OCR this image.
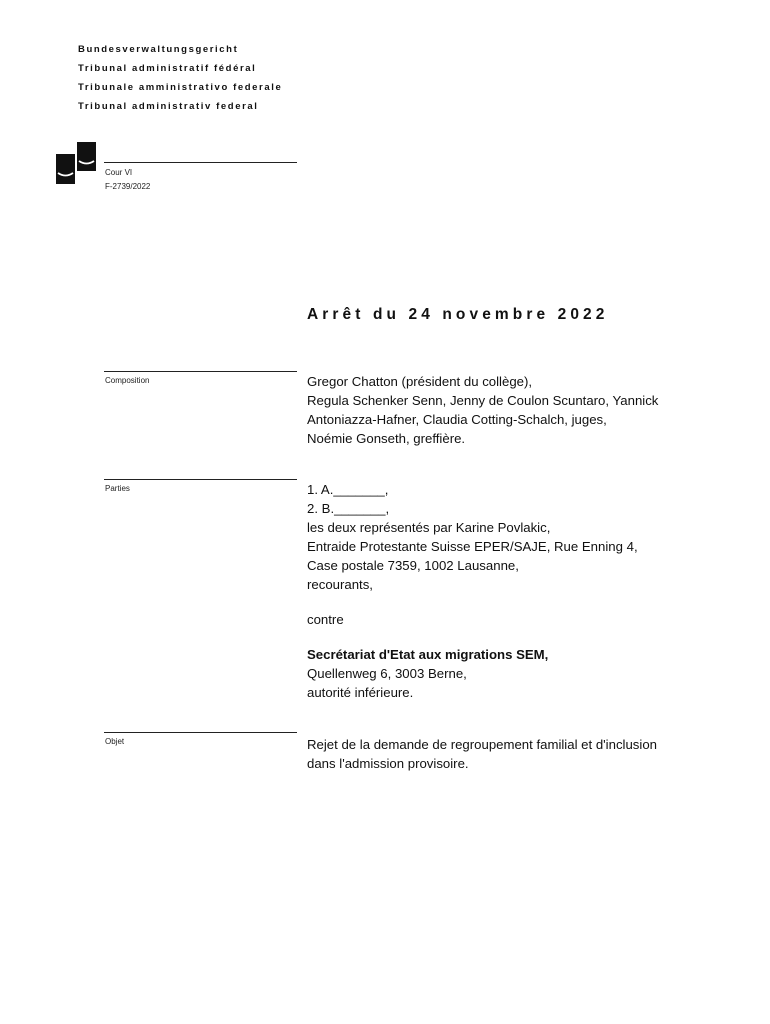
Bundesverwaltungsgericht
Tribunal administratif fédéral
Tribunale amministrativo federale
Tribunal administrativ federal
Cour VI
F-2739/2022
Arrêt du 24 novembre 2022
Composition	Gregor Chatton (président du collège),

Regula Schenker Senn, Jenny de Coulon Scuntaro, Yannick

Antoniazza-Hafner, Claudia Cotting-Schalch, juges,

Noémie Gonseth, greffière.

Parties	1. A._______,

2. B._______,

les deux représentés par Karine Povlakic,

Entraide Protestante Suisse EPER/SAJE, Rue Enning 4,

Case postale 7359, 1002 Lausanne,

recourants,

contre

Secrétariat d'Etat aux migrations SEM,

Quellenweg 6, 3003 Berne,

autorité inférieure.

Objet	Rejet de la demande de regroupement familial et d'inclusion

dans l'admission provisoire.
